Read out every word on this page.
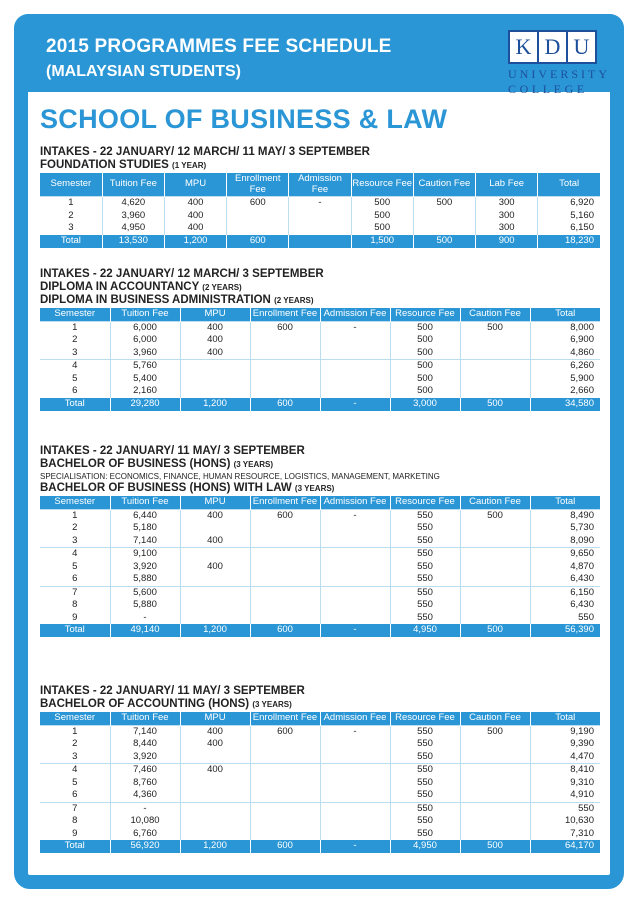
2015 PROGRAMMES FEE SCHEDULE
(MALAYSIAN STUDENTS)
K D U
UNIVERSITY
COLLEGE
SCHOOL OF BUSINESS & LAW
INTAKES - 22 JANUARY/ 12 MARCH/ 11 MAY/ 3 SEPTEMBER
FOUNDATION STUDIES (1 YEAR)
Semester	Tuition Fee	MPU	Enrollment Fee	Admission Fee	Resource Fee	Caution Fee	Lab Fee	Total
1	4,620	400	600	-	500	500	300	6,920
2	3,960	400			500		300	5,160
3	4,950	400			500		300	6,150
Total	13,530	1,200	600		1,500	500	900	18,230
INTAKES - 22 JANUARY/ 12 MARCH/ 3 SEPTEMBER
DIPLOMA IN ACCOUNTANCY (2 YEARS)
DIPLOMA IN BUSINESS ADMINISTRATION (2 YEARS)
Semester	Tuition Fee	MPU	Enrollment Fee	Admission Fee	Resource Fee	Caution Fee	Total
1	6,000	400	600	-	500	500	8,000
2	6,000	400			500		6,900
3	3,960	400			500		4,860
4	5,760				500		6,260
5	5,400				500		5,900
6	2,160				500		2,660
Total	29,280	1,200	600	-	3,000	500	34,580
INTAKES - 22 JANUARY/ 11 MAY/ 3 SEPTEMBER
BACHELOR OF BUSINESS (HONS) (3 YEARS)
SPECIALISATION: ECONOMICS, FINANCE, HUMAN RESOURCE, LOGISTICS, MANAGEMENT, MARKETING
BACHELOR OF BUSINESS (HONS) WITH LAW (3 YEARS)
Semester	Tuition Fee	MPU	Enrollment Fee	Admission Fee	Resource Fee	Caution Fee	Total
1	6,440	400	600	-	550	500	8,490
2	5,180				550		5,730
3	7,140	400			550		8,090
4	9,100				550		9,650
5	3,920	400			550		4,870
6	5,880				550		6,430
7	5,600				550		6,150
8	5,880				550		6,430
9	-				550		550
Total	49,140	1,200	600	-	4,950	500	56,390
INTAKES - 22 JANUARY/ 11 MAY/ 3 SEPTEMBER
BACHELOR OF ACCOUNTING (HONS) (3 YEARS)
Semester	Tuition Fee	MPU	Enrollment Fee	Admission Fee	Resource Fee	Caution Fee	Total
1	7,140	400	600	-	550	500	9,190
2	8,440	400			550		9,390
3	3,920				550		4,470
4	7,460	400			550		8,410
5	8,760				550		9,310
6	4,360				550		4,910
7	-				550		550
8	10,080				550		10,630
9	6,760				550		7,310
Total	56,920	1,200	600	-	4,950	500	64,170
